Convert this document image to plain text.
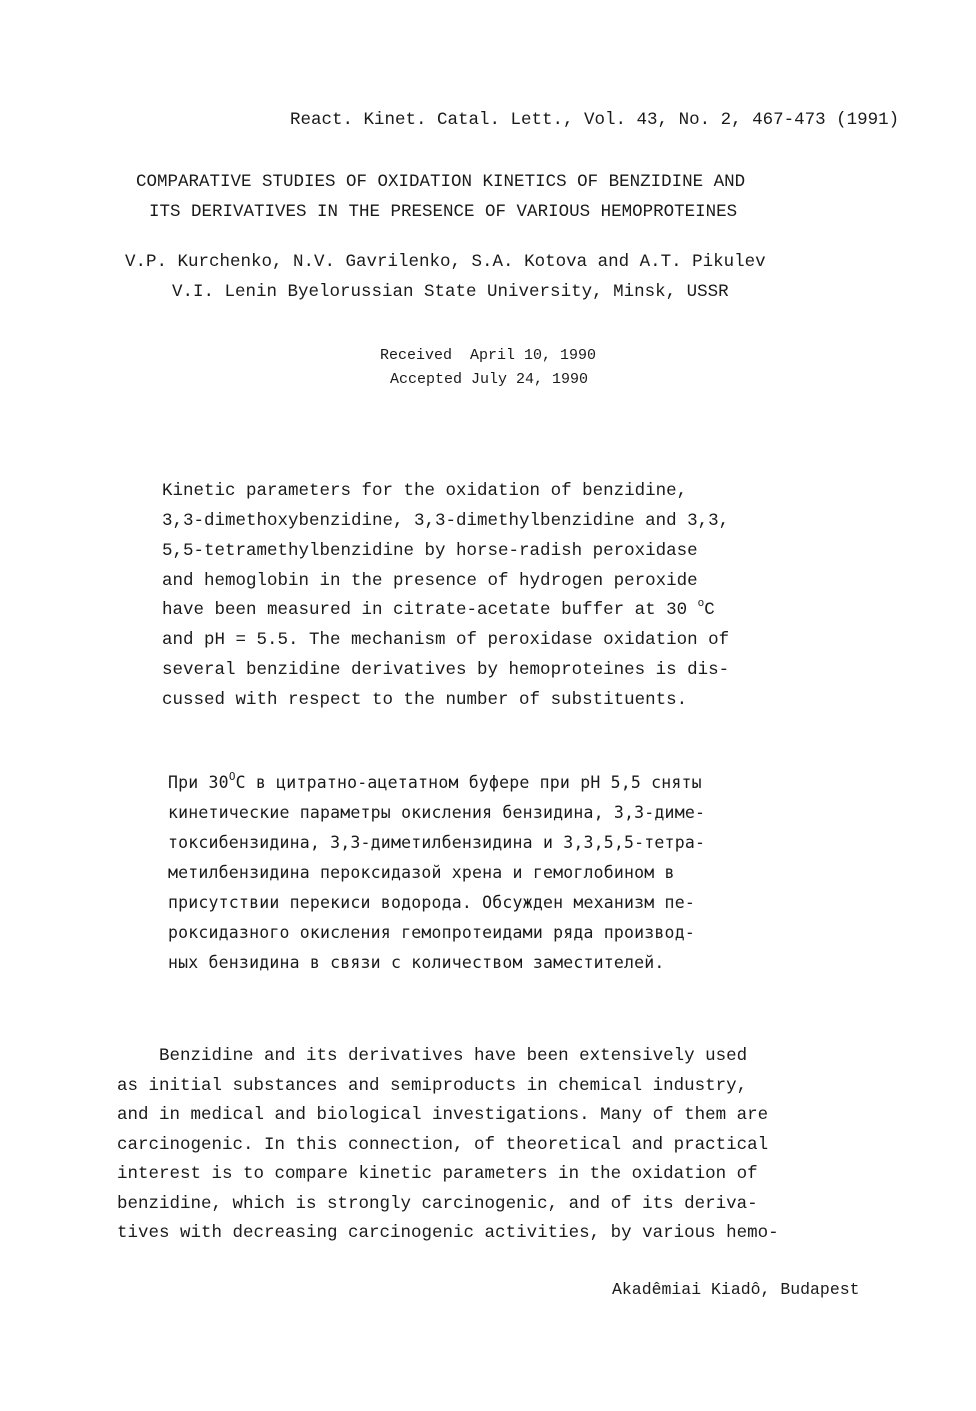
React. Kinet. Catal. Lett., Vol. 43, No. 2, 467-473 (1991)
COMPARATIVE STUDIES OF OXIDATION KINETICS OF BENZIDINE AND
ITS DERIVATIVES IN THE PRESENCE OF VARIOUS HEMOPROTEINES
V.P. Kurchenko, N.V. Gavrilenko, S.A. Kotova and A.T. Pikulev
V.I. Lenin Byelorussian State University, Minsk, USSR
Received  April 10, 1990
Accepted July 24, 1990
Kinetic parameters for the oxidation of benzidine,
3,3-dimethoxybenzidine, 3,3-dimethylbenzidine and 3,3,
5,5-tetramethylbenzidine by horse-radish peroxidase
and hemoglobin in the presence of hydrogen peroxide
have been measured in citrate-acetate buffer at 30 $^o$C
and pH = 5.5. The mechanism of peroxidase oxidation of
several benzidine derivatives by hemoproteines is dis-
cussed with respect to the number of substituents.
При $30^OС$ в цитратно-ацетатном буфере при pH 5,5 сняты
кинетические параметры окисления бензидина, 3,3-диме-
токсибензидина, 3,3-диметилбензидина и 3,3,5,5-тетра-
метилбензидина пероксидазой хрена и гемоглобином в
присутствии перекиси водорода. Обсужден механизм пе-
роксидазного окисления гемопротеидами ряда производ-
ных бензидина в связи с количеством заместителей.
Benzidine and its derivatives have been extensively used
as initial substances and semiproducts in chemical industry,
and in medical and biological investigations. Many of them are
carcinogenic. In this connection, of theoretical and practical
interest is to compare kinetic parameters in the oxidation of
benzidine, which is strongly carcinogenic, and of its deriva-
tives with decreasing carcinogenic activities, by various hemo-
Akadêmiai Kiadô, Budapest
